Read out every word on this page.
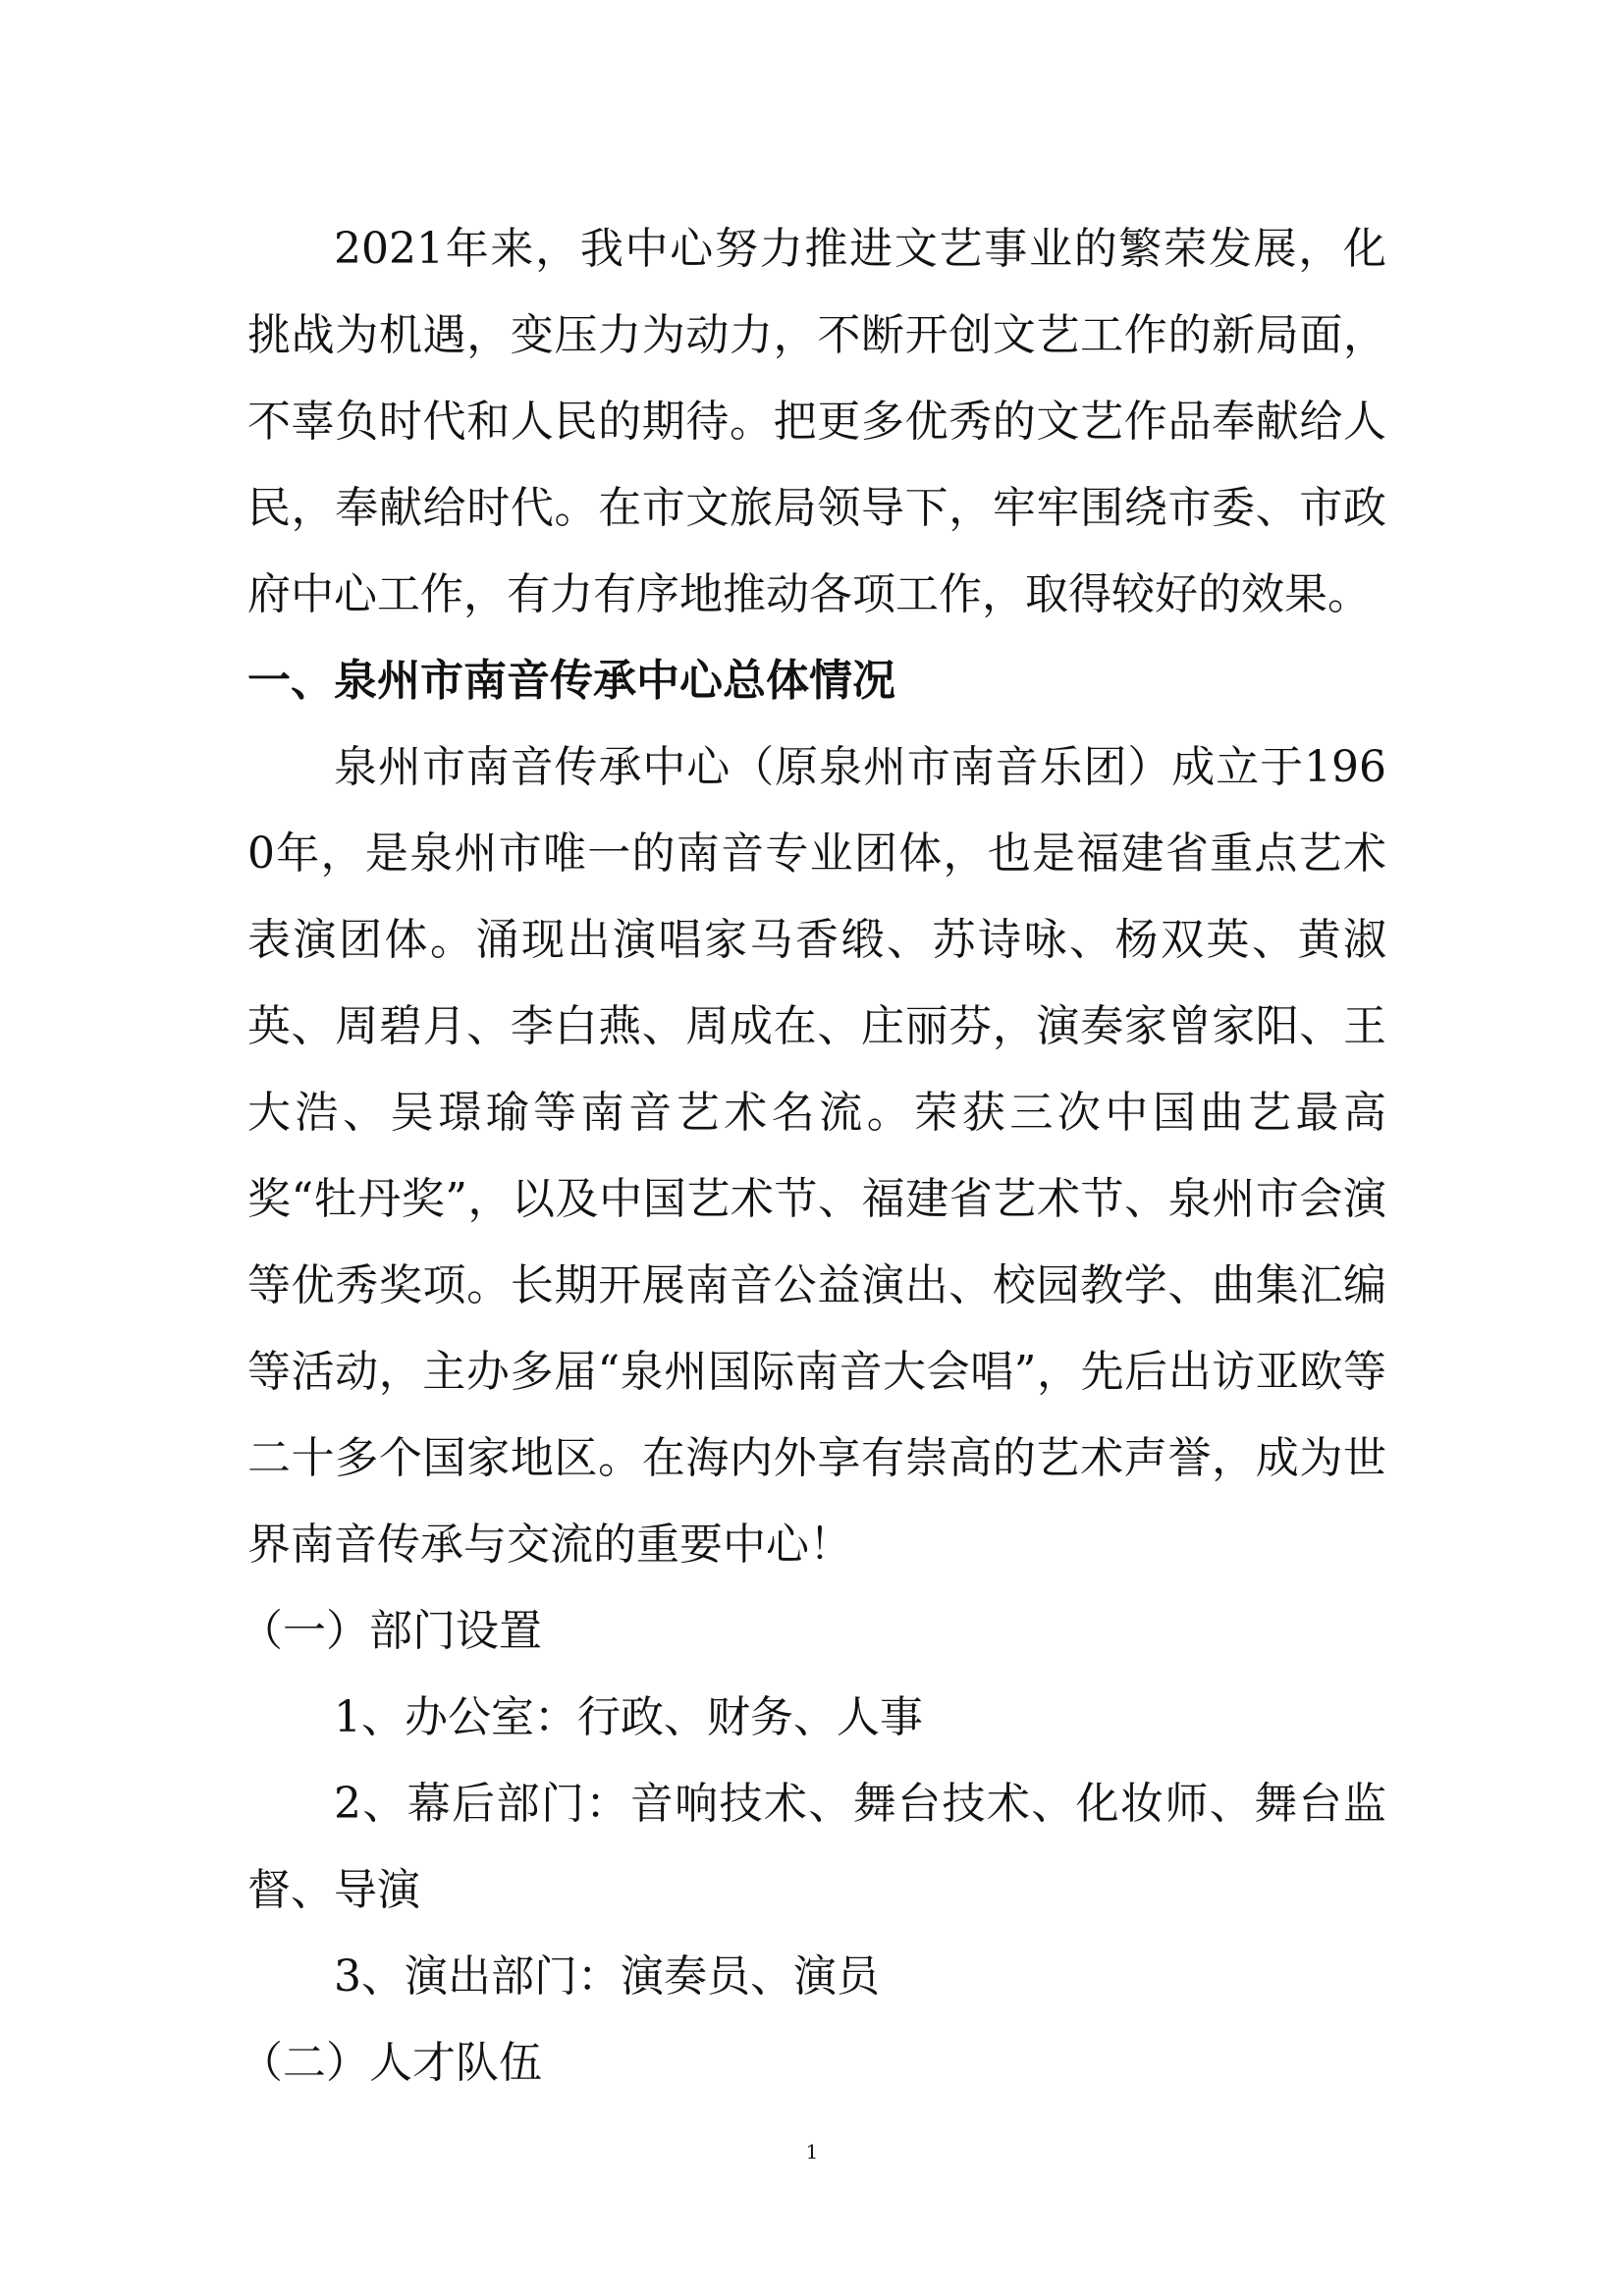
2021年来，我中心努力推进文艺事业的繁荣发展，化挑战为机遇，变压力为动力，不断开创文艺工作的新局面，不辜负时代和人民的期待。把更多优秀的文艺作品奉献给人民，奉献给时代。在市文旅局领导下，牢牢围绕市委、市政府中心工作，有力有序地推动各项工作，取得较好的效果。

一、泉州市南音传承中心总体情况

泉州市南音传承中心（原泉州市南音乐团）成立于1960年，是泉州市唯一的南音专业团体，也是福建省重点艺术表演团体。涌现出演唱家马香缎、苏诗咏、杨双英、黄淑英、周碧月、李白燕、周成在、庄丽芬，演奏家曾家阳、王大浩、吴璟瑜等南音艺术名流。荣获三次中国曲艺最高奖“牡丹奖”，以及中国艺术节、福建省艺术节、泉州市会演等优秀奖项。长期开展南音公益演出、校园教学、曲集汇编等活动，主办多届“泉州国际南音大会唱”，先后出访亚欧等二十多个国家地区。在海内外享有崇高的艺术声誉，成为世界南音传承与交流的重要中心！

（一）部门设置

1、办公室：行政、财务、人事

2、幕后部门：音响技术、舞台技术、化妆师、舞台监督、导演

3、演出部门：演奏员、演员

（二）人才队伍

1
